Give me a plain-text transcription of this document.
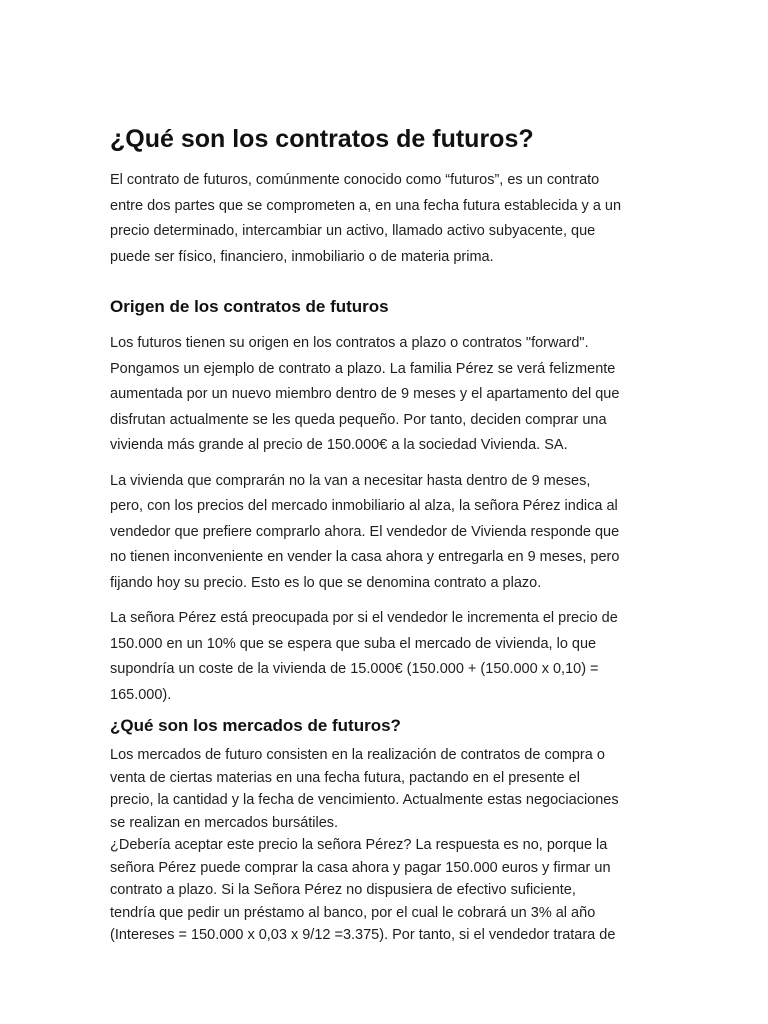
¿Qué son los contratos de futuros?

El contrato de futuros, comúnmente conocido como “futuros”, es un contrato
entre dos partes que se comprometen a, en una fecha futura establecida y a un
precio determinado, intercambiar un activo, llamado activo subyacente, que
puede ser físico, financiero, inmobiliario o de materia prima.

Origen de los contratos de futuros

Los futuros tienen su origen en los contratos a plazo o contratos "forward".
Pongamos un ejemplo de contrato a plazo. La familia Pérez se verá felizmente
aumentada por un nuevo miembro dentro de 9 meses y el apartamento del que
disfrutan actualmente se les queda pequeño. Por tanto, deciden comprar una
vivienda más grande al precio de 150.000€ a la sociedad Vivienda. SA.

La vivienda que comprarán no la van a necesitar hasta dentro de 9 meses,
pero, con los precios del mercado inmobiliario al alza, la señora Pérez indica al
vendedor que prefiere comprarlo ahora. El vendedor de Vivienda responde que
no tienen inconveniente en vender la casa ahora y entregarla en 9 meses, pero
fijando hoy su precio. Esto es lo que se denomina contrato a plazo.

La señora Pérez está preocupada por si el vendedor le incrementa el precio de
150.000 en un 10% que se espera que suba el mercado de vivienda, lo que
supondría un coste de la vivienda de 15.000€ (150.000 + (150.000 x 0,10) =
165.000).

¿Qué son los mercados de futuros?

Los mercados de futuro consisten en la realización de contratos de compra o
venta de ciertas materias en una fecha futura, pactando en el presente el
precio, la cantidad y la fecha de vencimiento. Actualmente estas negociaciones
se realizan en mercados bursátiles.
¿Debería aceptar este precio la señora Pérez? La respuesta es no, porque la
señora Pérez puede comprar la casa ahora y pagar 150.000 euros y firmar un
contrato a plazo. Si la Señora Pérez no dispusiera de efectivo suficiente,
tendría que pedir un préstamo al banco, por el cual le cobrará un 3% al año
(Intereses = 150.000 x 0,03 x 9/12 =3.375). Por tanto, si el vendedor tratara de
